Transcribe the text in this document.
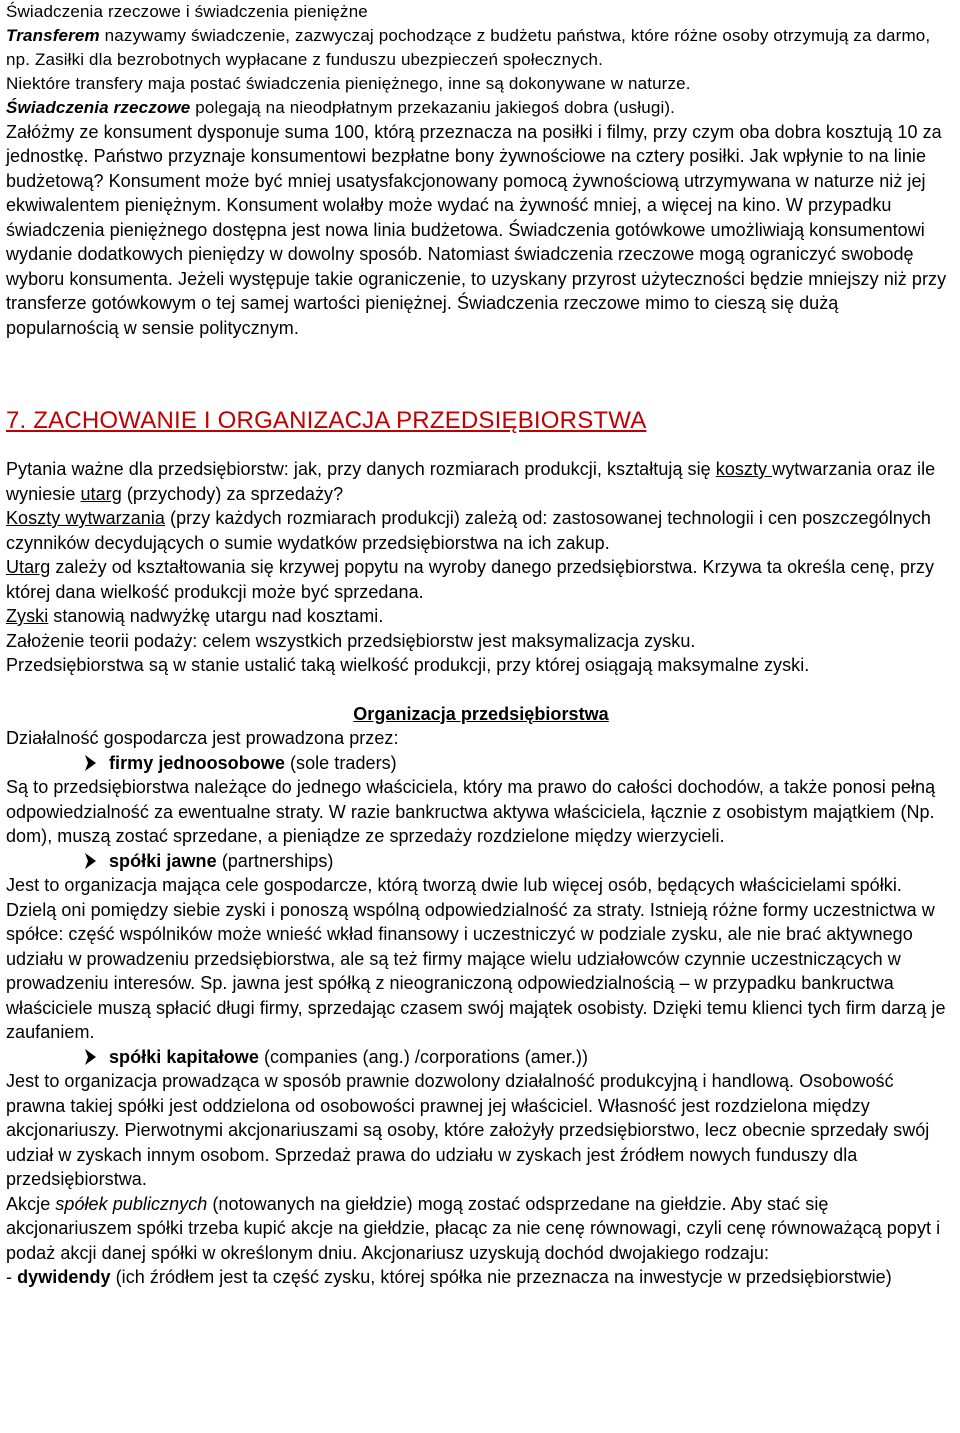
Świadczenia rzeczowe i świadczenia pieniężne

Transferem nazywamy świadczenie, zazwyczaj pochodzące z budżetu państwa, które różne osoby otrzymują za darmo, np. Zasiłki dla bezrobotnych wypłacane z funduszu ubezpieczeń społecznych.

Niektóre transfery maja postać świadczenia pieniężnego, inne są dokonywane w naturze.

Świadczenia rzeczowe polegają na nieodpłatnym przekazaniu jakiegoś dobra (usługi).

Załóżmy ze konsument dysponuje suma 100, którą przeznacza na posiłki i filmy, przy czym oba dobra kosztują 10 za jednostkę. Państwo przyznaje konsumentowi bezpłatne bony żywnościowe na cztery posiłki. Jak wpłynie to na linie budżetową? Konsument może być mniej usatysfakcjonowany pomocą żywnościową utrzymywana w naturze niż jej ekwiwalentem pieniężnym. Konsument wolałby może wydać na żywność mniej, a więcej na kino. W przypadku świadczenia pieniężnego dostępna jest nowa linia budżetowa. Świadczenia gotówkowe umożliwiają konsumentowi wydanie dodatkowych pieniędzy w dowolny sposób. Natomiast świadczenia rzeczowe mogą ograniczyć swobodę wyboru konsumenta. Jeżeli występuje takie ograniczenie, to uzyskany przyrost użyteczności będzie mniejszy niż przy transferze gotówkowym o tej samej wartości pieniężnej. Świadczenia rzeczowe mimo to cieszą się dużą popularnością w sensie politycznym.

7. ZACHOWANIE I ORGANIZACJA PRZEDSIĘBIORSTWA

Pytania ważne dla przedsiębiorstw: jak, przy danych rozmiarach produkcji, kształtują się koszty wytwarzania oraz ile wyniesie utarg (przychody) za sprzedaży?

Koszty wytwarzania (przy każdych rozmiarach produkcji) zależą od: zastosowanej technologii i cen poszczególnych czynników decydujących o sumie wydatków przedsiębiorstwa na ich zakup.

Utarg zależy od kształtowania się krzywej popytu na wyroby danego przedsiębiorstwa. Krzywa ta określa cenę, przy której dana wielkość produkcji może być sprzedana.

Zyski stanowią nadwyżkę utargu nad kosztami.

Założenie teorii podaży: celem wszystkich przedsiębiorstw jest maksymalizacja zysku.

Przedsiębiorstwa są w stanie ustalić taką wielkość produkcji, przy której osiągają maksymalne zyski.

Organizacja przedsiębiorstwa

Działalność gospodarcza jest prowadzona przez:

firmy jednoosobowe (sole traders)

Są to przedsiębiorstwa należące do jednego właściciela, który ma prawo do całości dochodów, a także ponosi pełną odpowiedzialność za ewentualne straty. W razie bankructwa aktywa właściciela, łącznie z osobistym majątkiem (Np. dom), muszą zostać sprzedane, a pieniądze ze sprzedaży rozdzielone między wierzycieli.

spółki jawne (partnerships)

Jest to organizacja mająca cele gospodarcze, którą tworzą dwie lub więcej osób, będących właścicielami spółki. Dzielą oni pomiędzy siebie zyski i ponoszą wspólną odpowiedzialność za straty. Istnieją różne formy uczestnictwa w spółce: część wspólników może wnieść wkład finansowy i uczestniczyć w podziale zysku, ale nie brać aktywnego udziału w prowadzeniu przedsiębiorstwa, ale są też firmy mające wielu udziałowców czynnie uczestniczących w prowadzeniu interesów. Sp. jawna jest spółką z nieograniczoną odpowiedzialnością – w przypadku bankructwa właściciele muszą spłacić długi firmy, sprzedając czasem swój majątek osobisty. Dzięki temu klienci tych firm darzą je zaufaniem.

spółki kapitałowe (companies (ang.) /corporations (amer.))

Jest to organizacja prowadząca w sposób prawnie dozwolony działalność produkcyjną i handlową. Osobowość prawna takiej spółki jest oddzielona od osobowości prawnej jej właściciel. Własność jest rozdzielona między akcjonariuszy. Pierwotnymi akcjonariuszami są osoby, które założyły przedsiębiorstwo, lecz obecnie sprzedały swój udział w zyskach innym osobom. Sprzedaż prawa do udziału w zyskach jest źródłem nowych funduszy dla przedsiębiorstwa.

Akcje spółek publicznych (notowanych na giełdzie) mogą zostać odsprzedane na giełdzie. Aby stać się akcjonariuszem spółki trzeba kupić akcje na giełdzie, płacąc za nie cenę równowagi, czyli cenę równoważącą popyt i podaż akcji danej spółki w określonym dniu. Akcjonariusz uzyskują dochód dwojakiego rodzaju:

- dywidendy (ich źródłem jest ta część zysku, której spółka nie przeznacza na inwestycje w przedsiębiorstwie)
